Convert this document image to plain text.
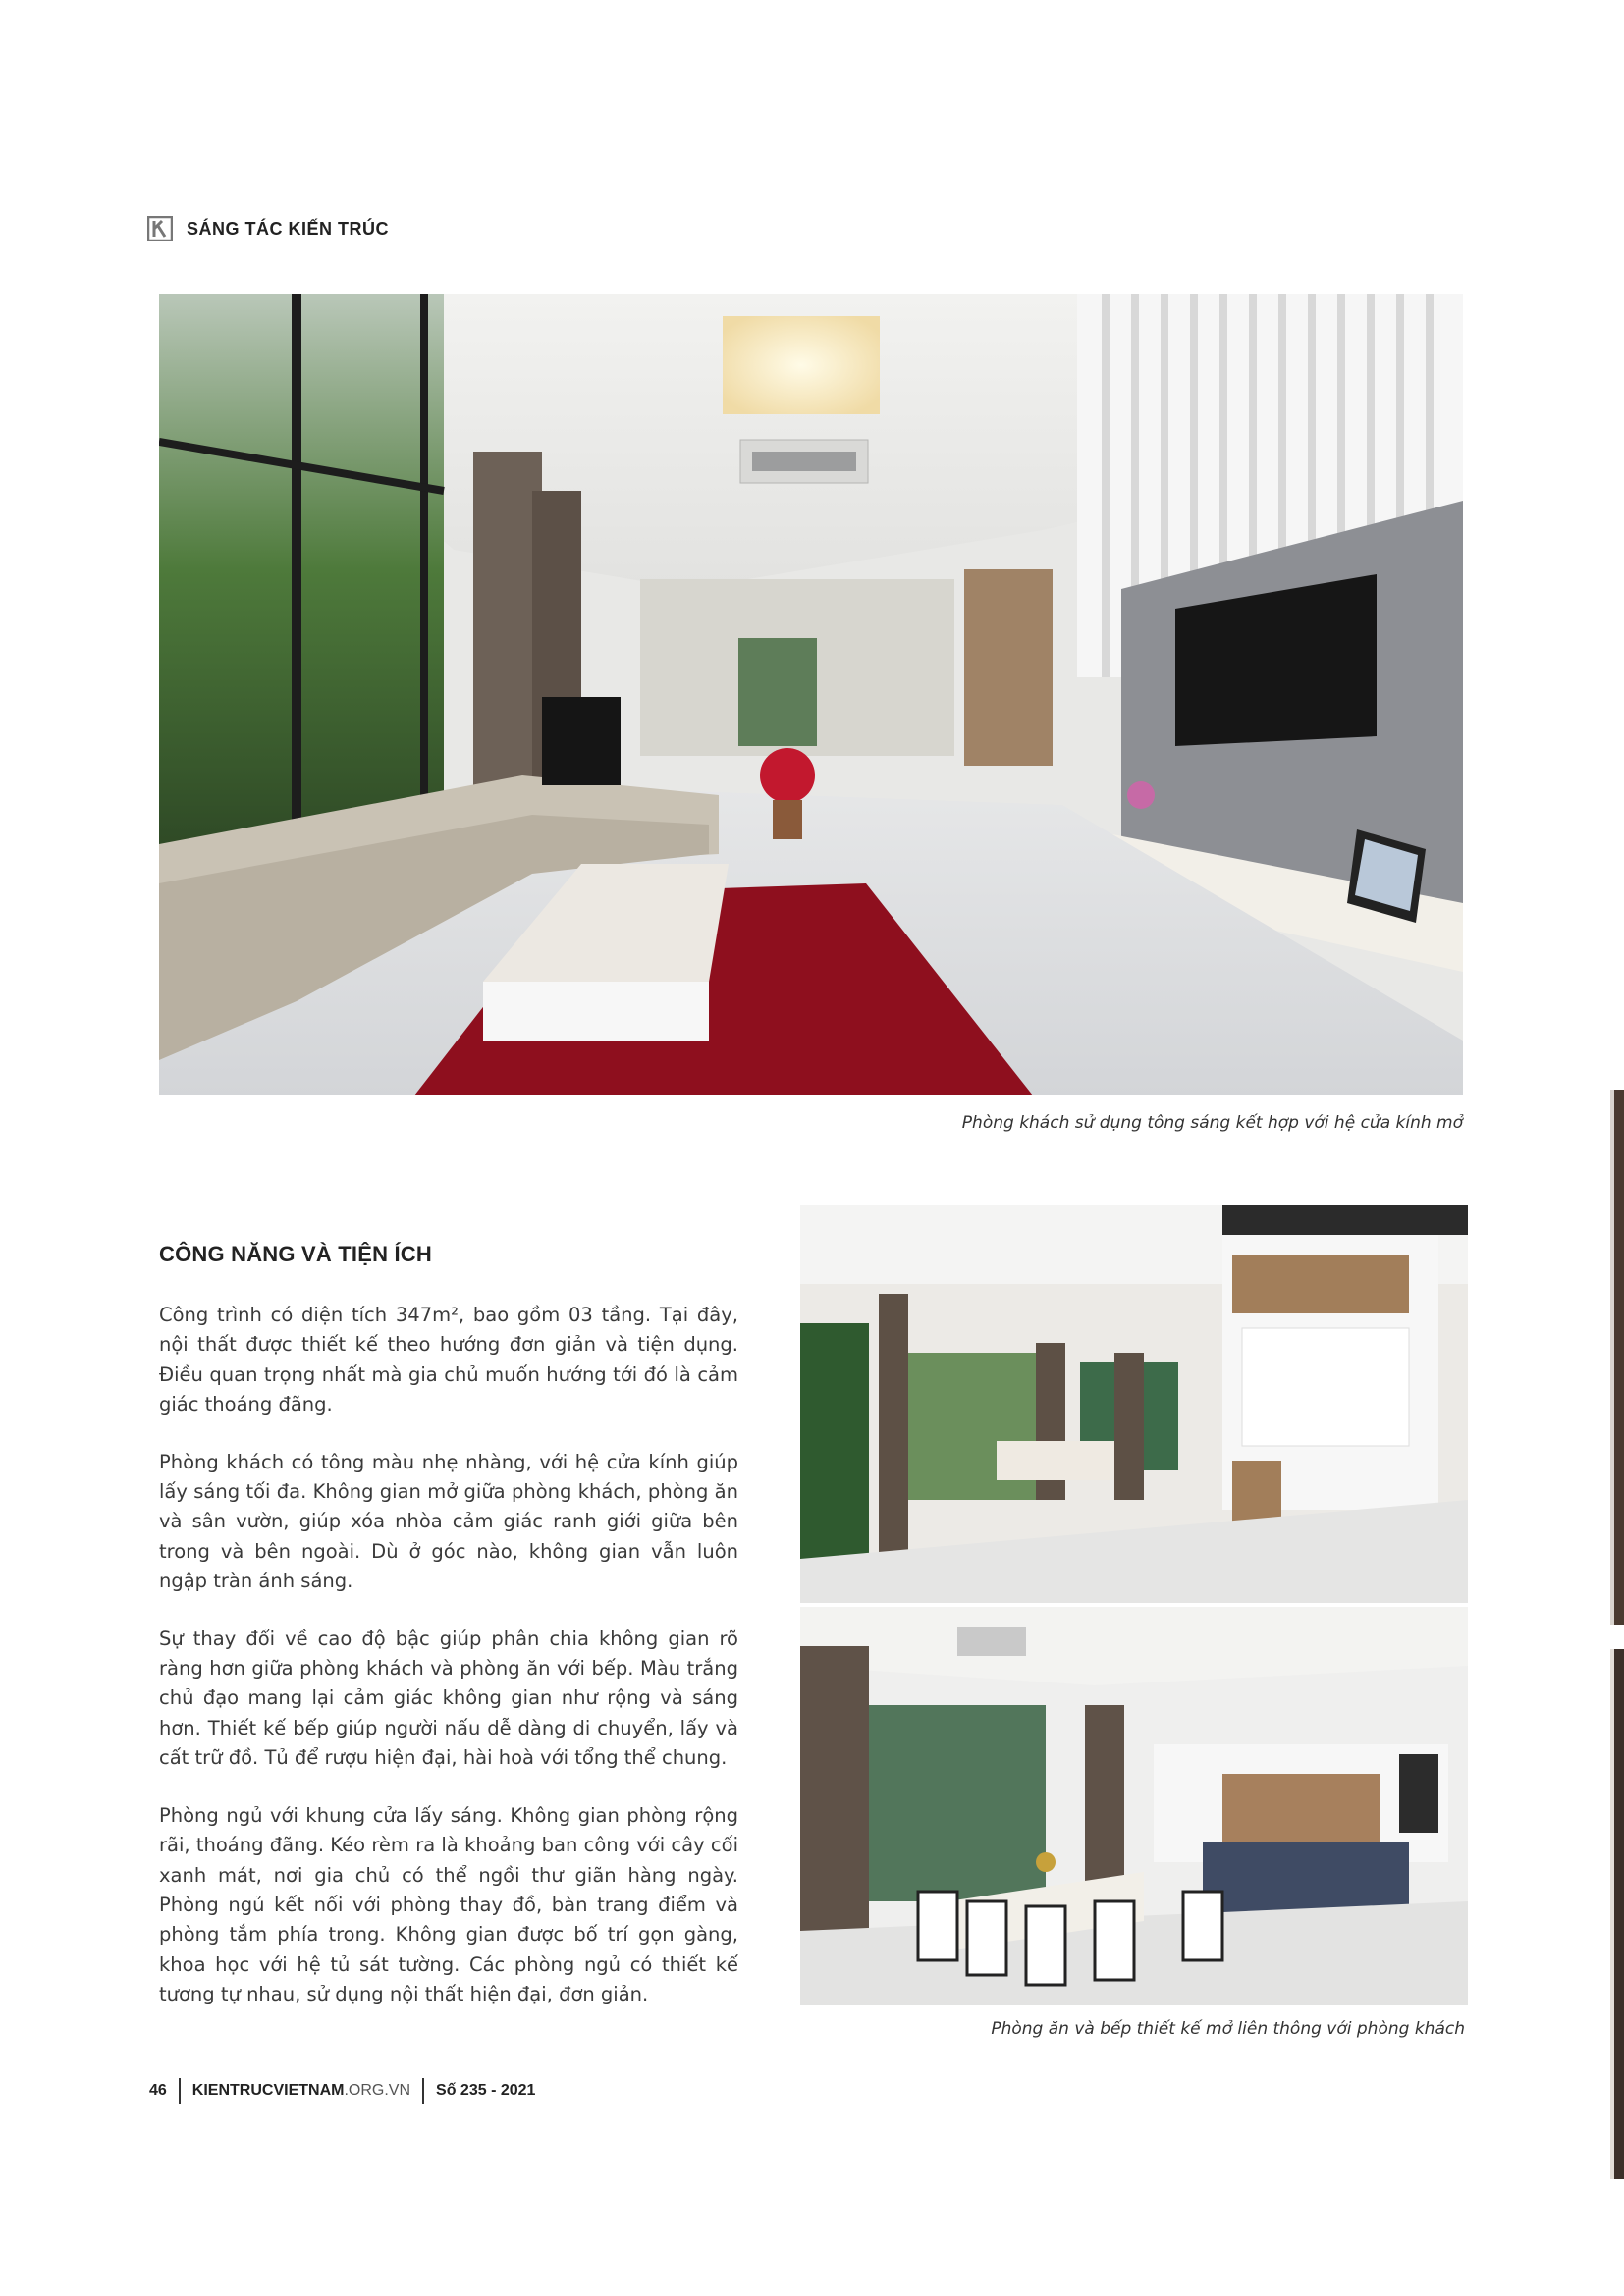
SÁNG TÁC KIẾN TRÚC
Phòng khách sử dụng tông sáng kết hợp với hệ cửa kính mở
CÔNG NĂNG VÀ TIỆN ÍCH

Công trình có diện tích 347m², bao gồm 03 tầng. Tại đây, nội thất được thiết kế theo hướng đơn giản và tiện dụng. Điều quan trọng nhất mà gia chủ muốn hướng tới đó là cảm giác thoáng đãng.

Phòng khách có tông màu nhẹ nhàng, với hệ cửa kính giúp lấy sáng tối đa. Không gian mở giữa phòng khách, phòng ăn và sân vườn, giúp xóa nhòa cảm giác ranh giới giữa bên trong và bên ngoài. Dù ở góc nào, không gian vẫn luôn ngập tràn ánh sáng.

Sự thay đổi về cao độ bậc giúp phân chia không gian rõ ràng hơn giữa phòng khách và phòng ăn với bếp. Màu trắng chủ đạo mang lại cảm giác không gian như rộng và sáng hơn. Thiết kế bếp giúp người nấu dễ dàng di chuyển, lấy và cất trữ đồ. Tủ để rượu hiện đại, hài hoà với tổng thể chung.

Phòng ngủ với khung cửa lấy sáng. Không gian phòng rộng rãi, thoáng đãng. Kéo rèm ra là khoảng ban công với cây cối xanh mát, nơi gia chủ có thể ngồi thư giãn hàng ngày. Phòng ngủ kết nối với phòng thay đồ, bàn trang điểm và phòng tắm phía trong. Không gian được bố trí gọn gàng, khoa học với hệ tủ sát tường. Các phòng ngủ có thiết kế tương tự nhau, sử dụng nội thất hiện đại, đơn giản.

Phòng ăn và bếp thiết kế mở liên thông với phòng khách
46 KIENTRUCVIETNAM .ORG.VN Số 235 - 2021
